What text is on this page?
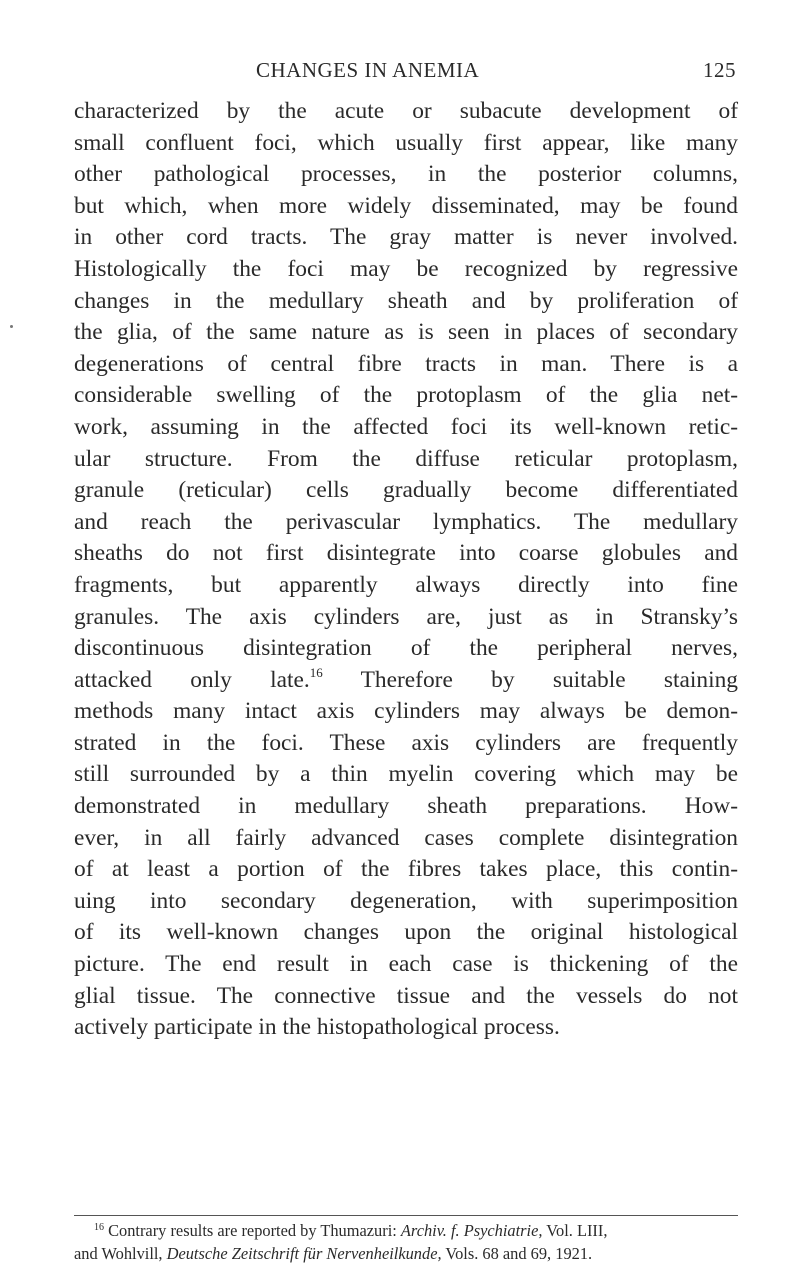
CHANGES IN ANEMIA	125
characterized by the acute or subacute development of
small confluent foci, which usually first appear, like many
other pathological processes, in the posterior columns,
but which, when more widely disseminated, may be found
in other cord tracts. The gray matter is never involved.
Histologically the foci may be recognized by regressive
changes in the medullary sheath and by proliferation of
the glia, of the same nature as is seen in places of secondary
degenerations of central fibre tracts in man. There is a
considerable swelling of the protoplasm of the glia net-
work, assuming in the affected foci its well-known retic-
ular structure. From the diffuse reticular protoplasm,
granule (reticular) cells gradually become differentiated
and reach the perivascular lymphatics. The medullary
sheaths do not first disintegrate into coarse globules and
fragments, but apparently always directly into fine
granules. The axis cylinders are, just as in Stransky’s
discontinuous disintegration of the peripheral nerves,
attacked only late.$^{16}$ Therefore by suitable staining
methods many intact axis cylinders may always be demon-
strated in the foci. These axis cylinders are frequently
still surrounded by a thin myelin covering which may be
demonstrated in medullary sheath preparations. How-
ever, in all fairly advanced cases complete disintegration
of at least a portion of the fibres takes place, this contin-
uing into secondary degeneration, with superimposition
of its well-known changes upon the original histological
picture. The end result in each case is thickening of the
glial tissue. The connective tissue and the vessels do not
actively participate in the histopathological process.
$^{16}$ Contrary results are reported by Thumazuri: Archiv. f. Psychiatrie, Vol. LIII,
and Wohlvill, Deutsche Zeitschrift für Nervenheilkunde, Vols. 68 and 69, 1921.
